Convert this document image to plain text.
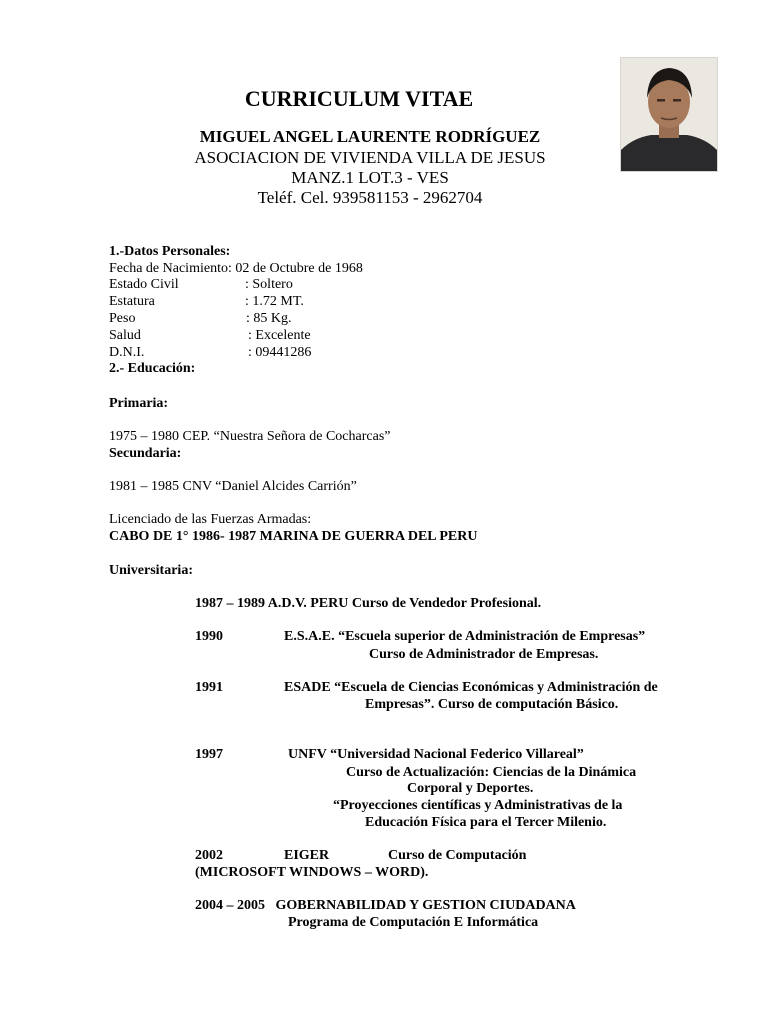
CURRICULUM VITAE
MIGUEL ANGEL LAURENTE RODRÍGUEZ
ASOCIACION DE VIVIENDA VILLA DE JESUS
MANZ.1 LOT.3 - VES
Teléf. Cel. 939581153 - 2962704
1.-Datos Personales:
Fecha de Nacimiento: 02 de Octubre de 1968
Estado Civil	: Soltero
Estatura	: 1.72 MT.
Peso	: 85 Kg.
Salud	: Excelente
D.N.I.	: 09441286
2.- Educación:
Primaria:
1975 – 1980 CEP. “Nuestra Señora de Cocharcas”
Secundaria:
1981 – 1985 CNV “Daniel Alcides Carrión”
Licenciado de las Fuerzas Armadas:
CABO DE 1° 1986- 1987 MARINA DE GUERRA DEL PERU
Universitaria:
1987 – 1989 A.D.V. PERU Curso de Vendedor Profesional.
1990	E.S.A.E. “Escuela superior de Administración de Empresas”
Curso de Administrador de Empresas.
1991	ESADE “Escuela de Ciencias Económicas y Administración de
Empresas”. Curso de computación Básico.
1997	UNFV “Universidad Nacional Federico Villareal”
Curso de Actualización: Ciencias de la Dinámica
Corporal y Deportes.
“Proyecciones científicas y Administrativas de la
Educación Física para el Tercer Milenio.
2002	EIGER	Curso de Computación
(MICROSOFT WINDOWS – WORD).
2004 – 2005   GOBERNABILIDAD Y GESTION CIUDADANA
Programa de Computación E Informática
